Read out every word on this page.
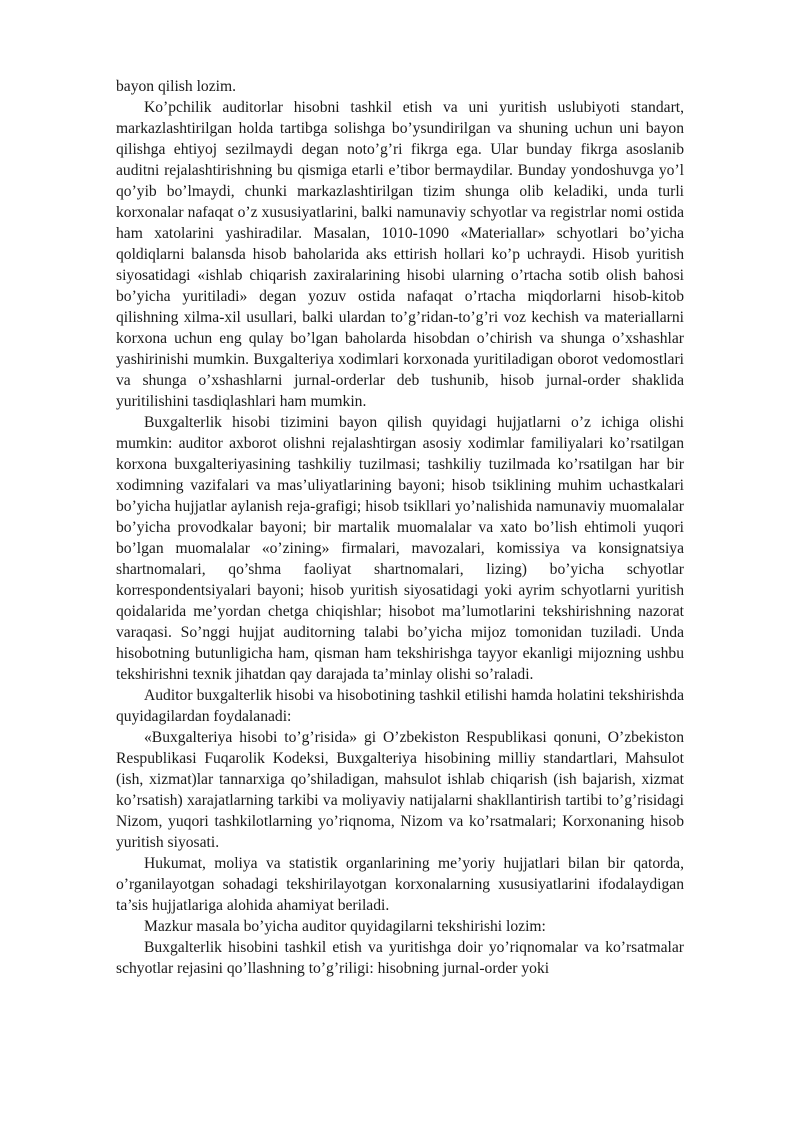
bayon qilish lozim.

Ko’pchilik auditorlar hisobni tashkil etish va uni yuritish uslubiyoti standart, markazlashtirilgan holda tartibga solishga bo’ysundirilgan va shuning uchun uni bayon qilishga ehtiyoj sezilmaydi degan noto’g’ri fikrga ega. Ular bunday fikrga asoslanib auditni rejalashtirishning bu qismiga etarli e’tibor bermaydilar. Bunday yondoshuvga yo’l qo’yib bo’lmaydi, chunki markazlashtirilgan tizim shunga olib keladiki, unda turli korxonalar nafaqat o’z xususiyatlarini, balki namunaviy schyotlar va registrlar nomi ostida ham xatolarini yashiradilar. Masalan, 1010-1090 «Materiallar» schyotlari bo’yicha qoldiqlarni balansda hisob baholarida aks ettirish hollari ko’p uchraydi. Hisob yuritish siyosatidagi «ishlab chiqarish zaxiralarining hisobi ularning o’rtacha sotib olish bahosi bo’yicha yuritiladi» degan yozuv ostida nafaqat o’rtacha miqdorlarni hisob-kitob qilishning xilma-xil usullari, balki ulardan to’g’ridan-to’g’ri voz kechish va materiallarni korxona uchun eng qulay bo’lgan baholarda hisobdan o’chirish va shunga o’xshashlar yashirinishi mumkin. Buxgalteriya xodimlari korxonada yuritiladigan oborot vedomostlari va shunga o’xshashlarni jurnal-orderlar deb tushunib, hisob jurnal-order shaklida yuritilishini tasdiqlashlari ham mumkin.

Buxgalterlik hisobi tizimini bayon qilish quyidagi hujjatlarni o’z ichiga olishi mumkin: auditor axborot olishni rejalashtirgan asosiy xodimlar familiyalari ko’rsatilgan korxona buxgalteriyasining tashkiliy tuzilmasi; tashkiliy tuzilmada ko’rsatilgan har bir xodimning vazifalari va mas’uliyatlarining bayoni; hisob tsiklining muhim uchastkalari bo’yicha hujjatlar aylanish reja-grafigi; hisob tsikllari yo’nalishida namunaviy muomalalar bo’yicha provodkalar bayoni; bir martalik muomalalar va xato bo’lish ehtimoli yuqori bo’lgan muomalalar «o’zining» firmalari, mavozalari, komissiya va konsignatsiya shartnomalari, qo’shma faoliyat shartnomalari, lizing) bo’yicha schyotlar korrespondentsiyalari bayoni; hisob yuritish siyosatidagi yoki ayrim schyotlarni yuritish qoidalarida me’yordan chetga chiqishlar; hisobot ma’lumotlarini tekshirishning nazorat varaqasi. So’nggi hujjat auditorning talabi bo’yicha mijoz tomonidan tuziladi. Unda hisobotning butunligicha ham, qisman ham tekshirishga tayyor ekanligi mijozning ushbu tekshirishni texnik jihatdan qay darajada ta’minlay olishi so’raladi.

Auditor buxgalterlik hisobi va hisobotining tashkil etilishi hamda holatini tekshirishda quyidagilardan foydalanadi:

«Buxgalteriya hisobi to’g’risida» gi O’zbekiston Respublikasi qonuni, O’zbekiston Respublikasi Fuqarolik Kodeksi, Buxgalteriya hisobining milliy standartlari, Mahsulot (ish, xizmat)lar tannarxiga qo’shiladigan, mahsulot ishlab chiqarish (ish bajarish, xizmat ko’rsatish) xarajatlarning tarkibi va moliyaviy natijalarni shakllantirish tartibi to’g’risidagi Nizom, yuqori tashkilotlarning yo’riqnoma, Nizom va ko’rsatmalari; Korxonaning hisob yuritish siyosati.

Hukumat, moliya va statistik organlarining me’yoriy hujjatlari bilan bir qatorda, o’rganilayotgan sohadagi tekshirilayotgan korxonalarning xususiyatlarini ifodalaydigan ta’sis hujjatlariga alohida ahamiyat beriladi.

Mazkur masala bo’yicha auditor quyidagilarni tekshirishi lozim:

Buxgalterlik hisobini tashkil etish va yuritishga doir yo’riqnomalar va ko’rsatmalar schyotlar rejasini qo’llashning to’g’riligi: hisobning jurnal-order yoki
